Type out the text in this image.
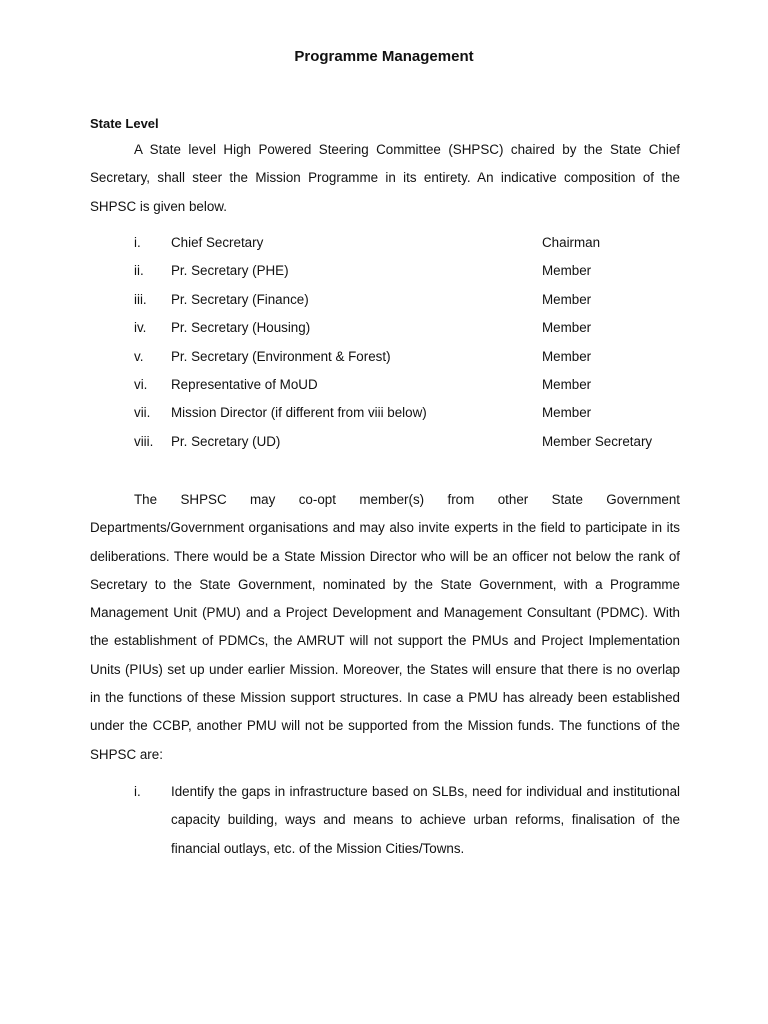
Programme Management
State Level

A State level High Powered Steering Committee (SHPSC) chaired by the State Chief Secretary, shall steer the Mission Programme in its entirety. An indicative composition of the SHPSC is given below.

i.	Chief Secretary	Chairman
ii.	Pr. Secretary (PHE)	Member
iii.	Pr. Secretary (Finance)	Member
iv.	Pr. Secretary (Housing)	Member
v.	Pr. Secretary (Environment & Forest)	Member
vi.	Representative of MoUD	Member
vii.	Mission Director (if different from viii below)	Member
viii.	Pr. Secretary (UD)	Member Secretary

The SHPSC may co-opt member(s) from other State Government Departments/Government organisations and may also invite experts in the field to participate in its deliberations. There would be a State Mission Director who will be an officer not below the rank of Secretary to the State Government, nominated by the State Government, with a Programme Management Unit (PMU) and a Project Development and Management Consultant (PDMC). With the establishment of PDMCs, the AMRUT will not support the PMUs and Project Implementation Units (PIUs) set up under earlier Mission. Moreover, the States will ensure that there is no overlap in the functions of these Mission support structures. In case a PMU has already been established under the CCBP, another PMU will not be supported from the Mission funds. The functions of the SHPSC are:

i. Identify the gaps in infrastructure based on SLBs, need for individual and institutional capacity building, ways and means to achieve urban reforms, finalisation of the financial outlays, etc. of the Mission Cities/Towns.
